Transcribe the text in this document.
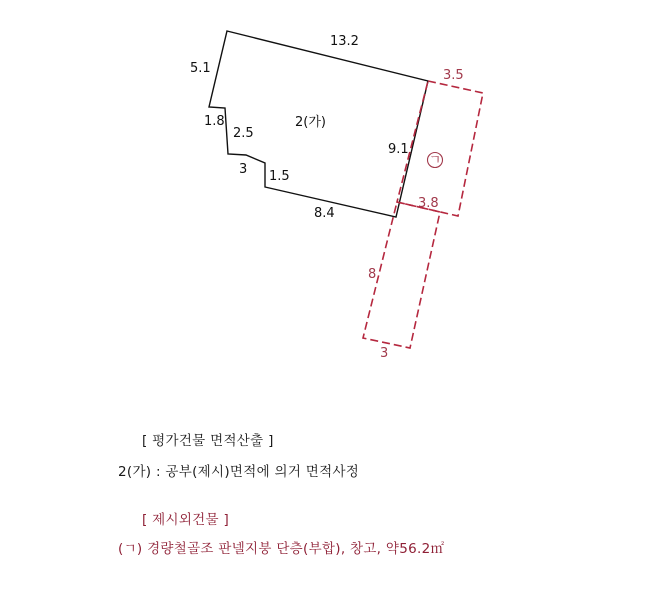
13.2
5.1
1.8
2.5
3 1.5
8.4
9.1
2(가)
3.5
3.8
8
3
ㄱ
[ 평가건물 면적산출 ]
2(가) : 공부(제시)면적에 의거 면적사정
[ 제시외건물 ]
(ㄱ) 경량철골조 판넬지붕 단층(부합), 창고, 약56.2㎡
